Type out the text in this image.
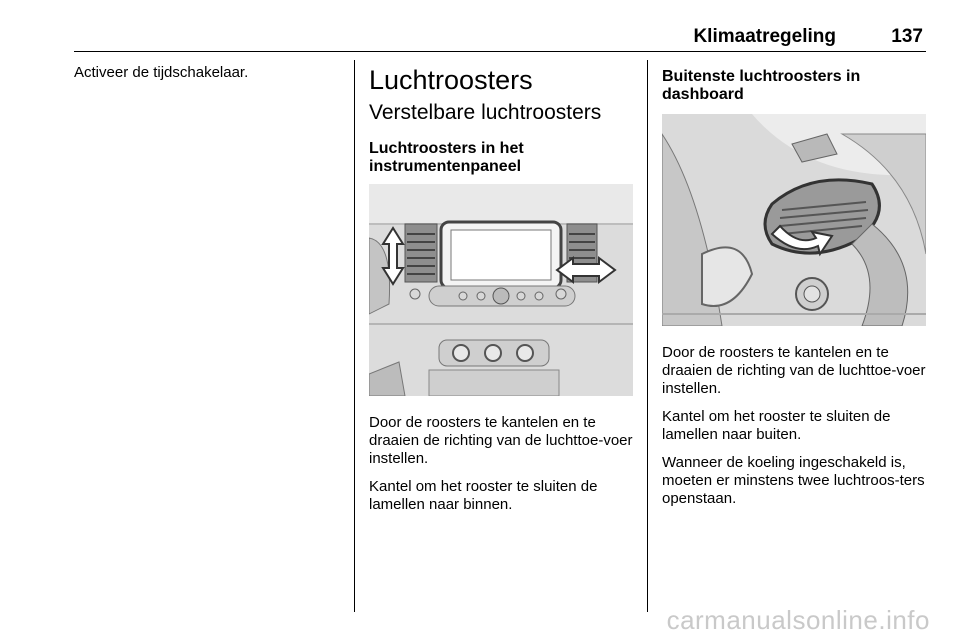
Klimaatregeling	137

Activeer de tijdschakelaar.	Luchtroosters
Verstelbare luchtroosters
Luchtroosters in het instrumentenpaneel

Door de roosters te kantelen en te draaien de richting van de luchttoe-voer instellen.

Kantel om het rooster te sluiten de lamellen naar binnen.

Buitenste luchtroosters in dashboard

Door de roosters te kantelen en te draaien de richting van de luchttoe-voer instellen.

Kantel om het rooster te sluiten de lamellen naar buiten.

Wanneer de koeling ingeschakeld is, moeten er minstens twee luchtroos-ters openstaan.

carmanualsonline.info
